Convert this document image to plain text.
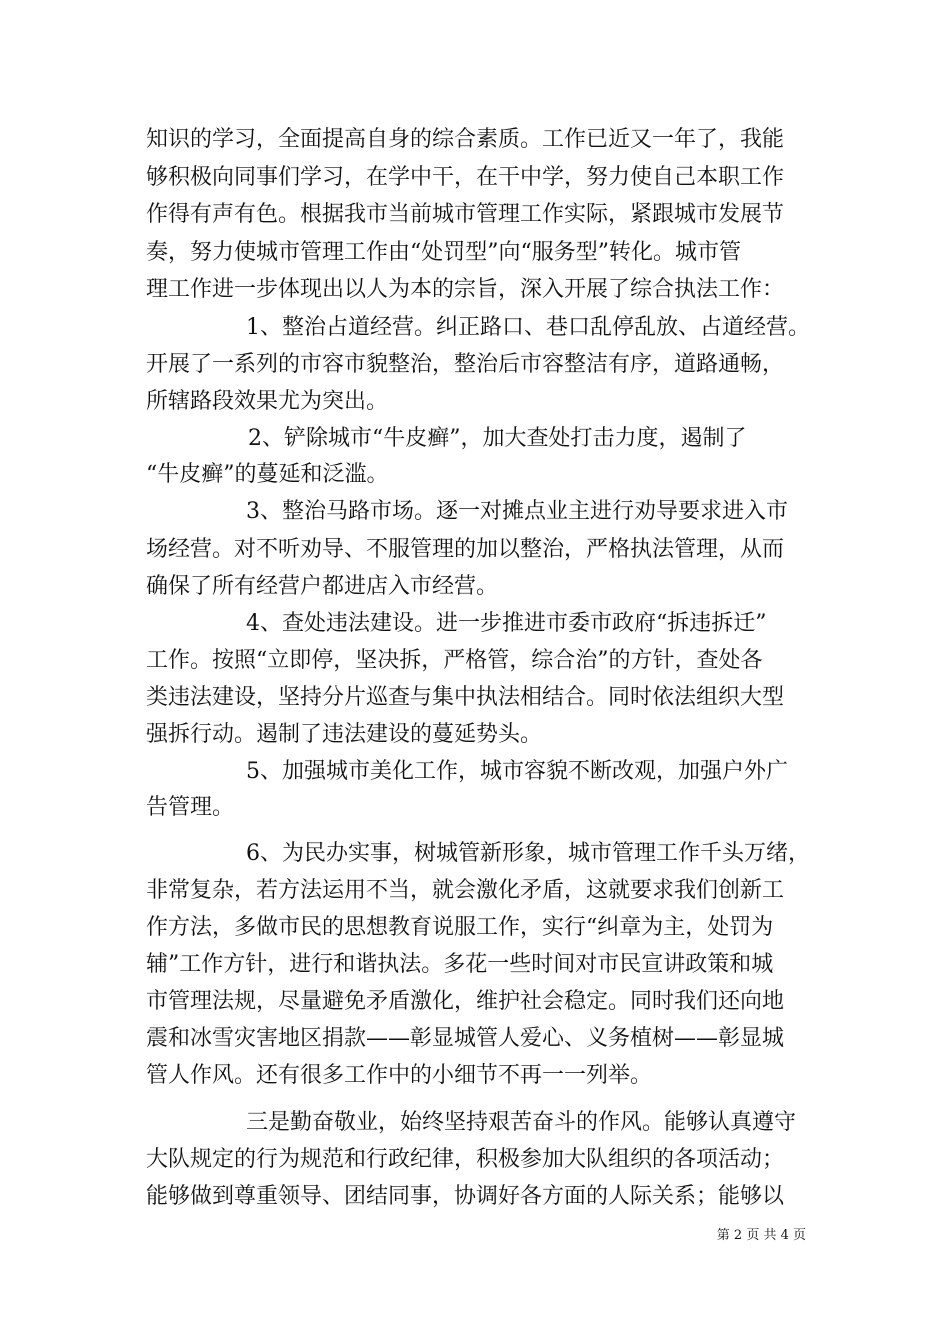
知识的学习，全面提高自身的综合素质。工作已近又一年了，我能
够积极向同事们学习，在学中干，在干中学，努力使自己本职工作
作得有声有色。根据我市当前城市管理工作实际，紧跟城市发展节
奏，努力使城市管理工作由“处罚型”向“服务型”转化。城市管
理工作进一步体现出以人为本的宗旨，深入开展了综合执法工作：
1、整治占道经营。纠正路口、巷口乱停乱放、占道经营。
开展了一系列的市容市貌整治，整治后市容整洁有序，道路通畅，
所辖路段效果尤为突出。
2、铲除城市“牛皮癣”，加大查处打击力度，遏制了
“牛皮癣”的蔓延和泛滥。
3、整治马路市场。逐一对摊点业主进行劝导要求进入市
场经营。对不听劝导、不服管理的加以整治，严格执法管理，从而
确保了所有经营户都进店入市经营。
4、查处违法建设。进一步推进市委市政府“拆违拆迁”
工作。按照“立即停，坚决拆，严格管，综合治”的方针，查处各
类违法建设，坚持分片巡查与集中执法相结合。同时依法组织大型
强拆行动。遏制了违法建设的蔓延势头。
5、加强城市美化工作，城市容貌不断改观，加强户外广
告管理。
6、为民办实事，树城管新形象，城市管理工作千头万绪，
非常复杂，若方法运用不当，就会激化矛盾，这就要求我们创新工
作方法，多做市民的思想教育说服工作，实行“纠章为主，处罚为
辅”工作方针，进行和谐执法。多花一些时间对市民宣讲政策和城
市管理法规，尽量避免矛盾激化，维护社会稳定。同时我们还向地
震和冰雪灾害地区捐款——彰显城管人爱心、义务植树——彰显城
管人作风。还有很多工作中的小细节不再一一列举。
三是勤奋敬业，始终坚持艰苦奋斗的作风。能够认真遵守
大队规定的行为规范和行政纪律，积极参加大队组织的各项活动；
能够做到尊重领导、团结同事，协调好各方面的人际关系；能够以
第 2 页 共 4 页
